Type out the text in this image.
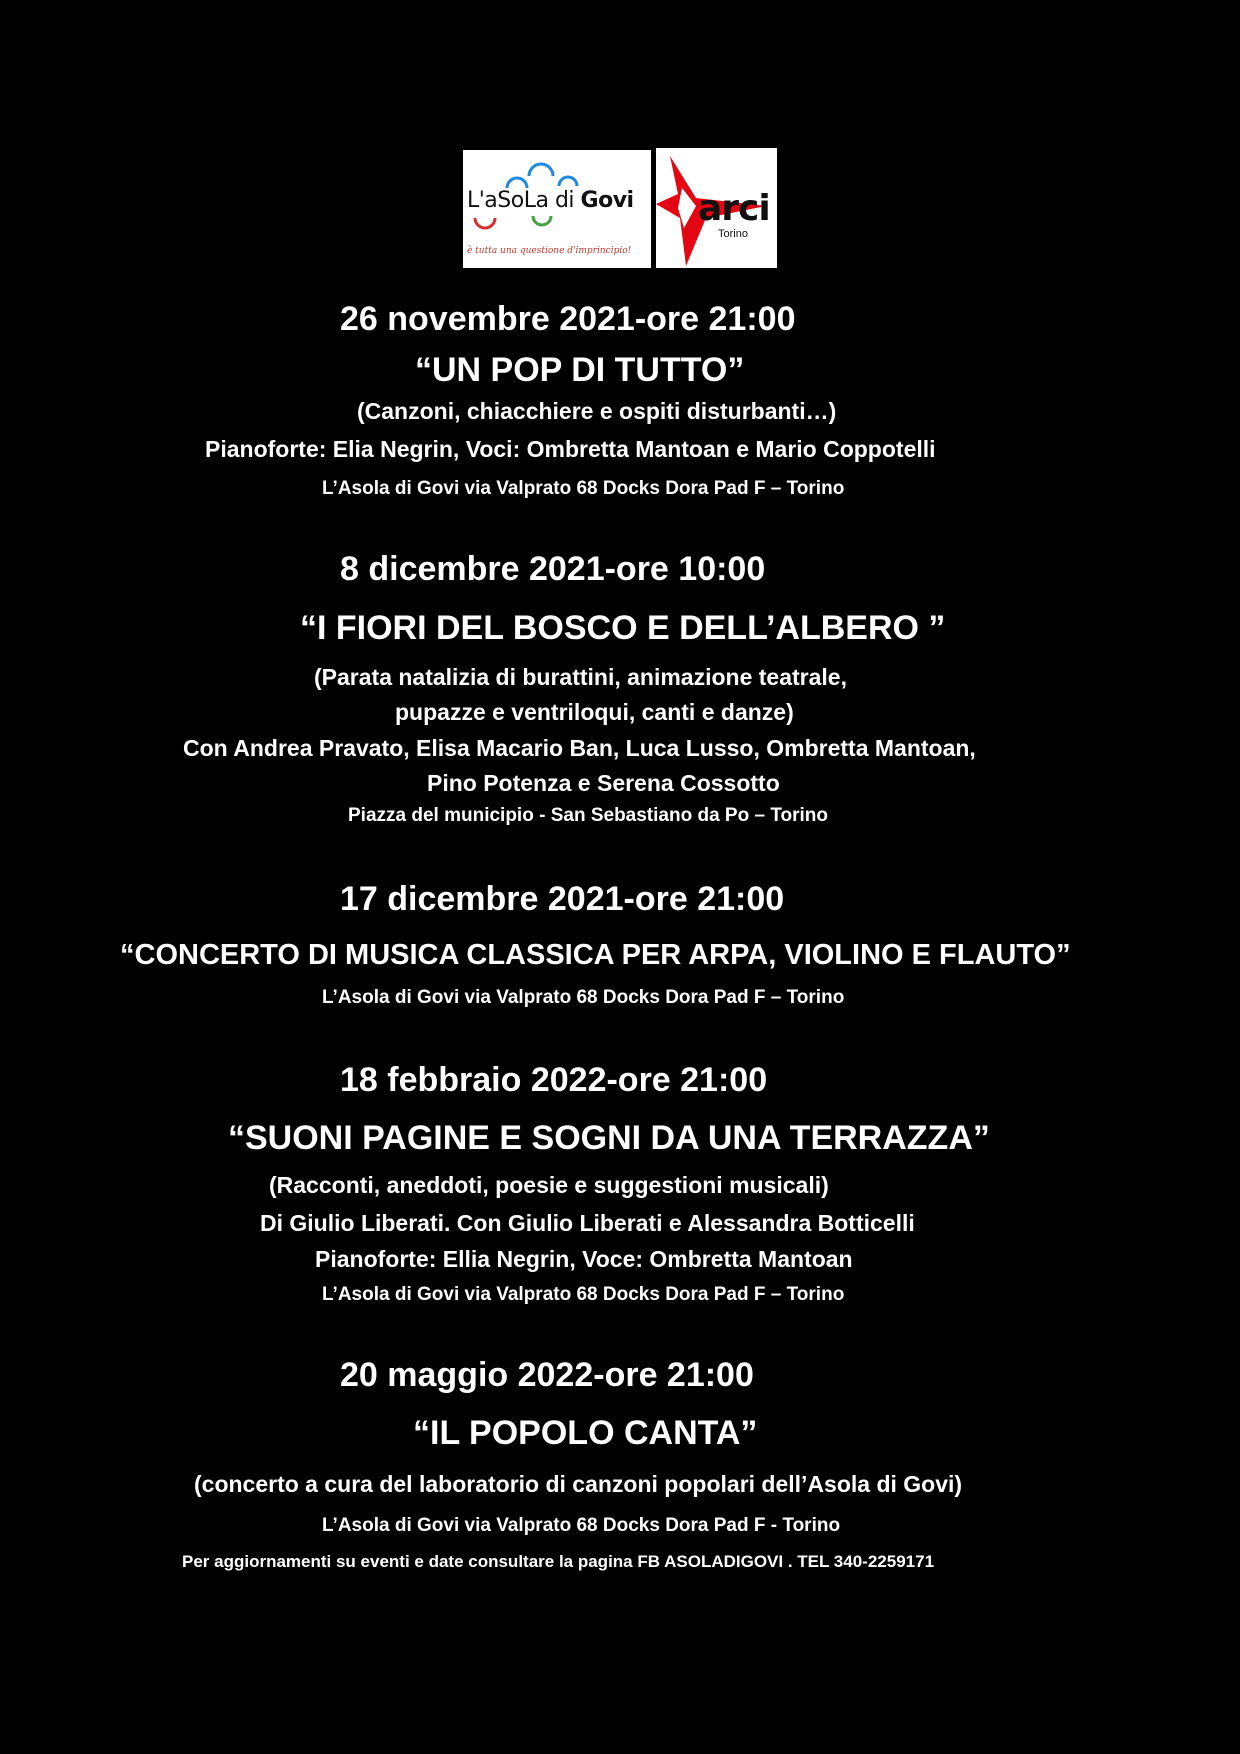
L'aSoLa di Govi
è tutta una questione d'imprincipio!
arci
Torino
26 novembre 2021-ore 21:00
“UN POP DI TUTTO”
(Canzoni, chiacchiere e ospiti disturbanti…)
Pianoforte: Elia Negrin, Voci: Ombretta Mantoan e Mario Coppotelli
L’Asola di Govi via Valprato 68 Docks Dora Pad F – Torino
8 dicembre 2021-ore 10:00
“I FIORI DEL BOSCO E DELL’ALBERO ”
(Parata natalizia di burattini, animazione teatrale,
pupazze e ventriloqui, canti e danze)
Con Andrea Pravato, Elisa Macario Ban, Luca Lusso, Ombretta Mantoan,
Pino Potenza e Serena Cossotto
Piazza del municipio - San Sebastiano da Po – Torino
17 dicembre 2021-ore 21:00
“CONCERTO DI MUSICA CLASSICA PER ARPA, VIOLINO E FLAUTO”
L’Asola di Govi via Valprato 68 Docks Dora Pad F – Torino
18 febbraio 2022-ore 21:00
“SUONI PAGINE E SOGNI DA UNA TERRAZZA”
(Racconti, aneddoti, poesie e suggestioni musicali)
Di Giulio Liberati. Con Giulio Liberati e Alessandra Botticelli
Pianoforte: Ellia Negrin, Voce: Ombretta Mantoan
L’Asola di Govi via Valprato 68 Docks Dora Pad F – Torino
20 maggio 2022-ore 21:00
“IL POPOLO CANTA”
(concerto a cura del laboratorio di canzoni popolari dell’Asola di Govi)
L’Asola di Govi via Valprato 68 Docks Dora Pad F - Torino
Per aggiornamenti su eventi e date consultare la pagina FB ASOLADIGOVI . TEL 340-2259171
